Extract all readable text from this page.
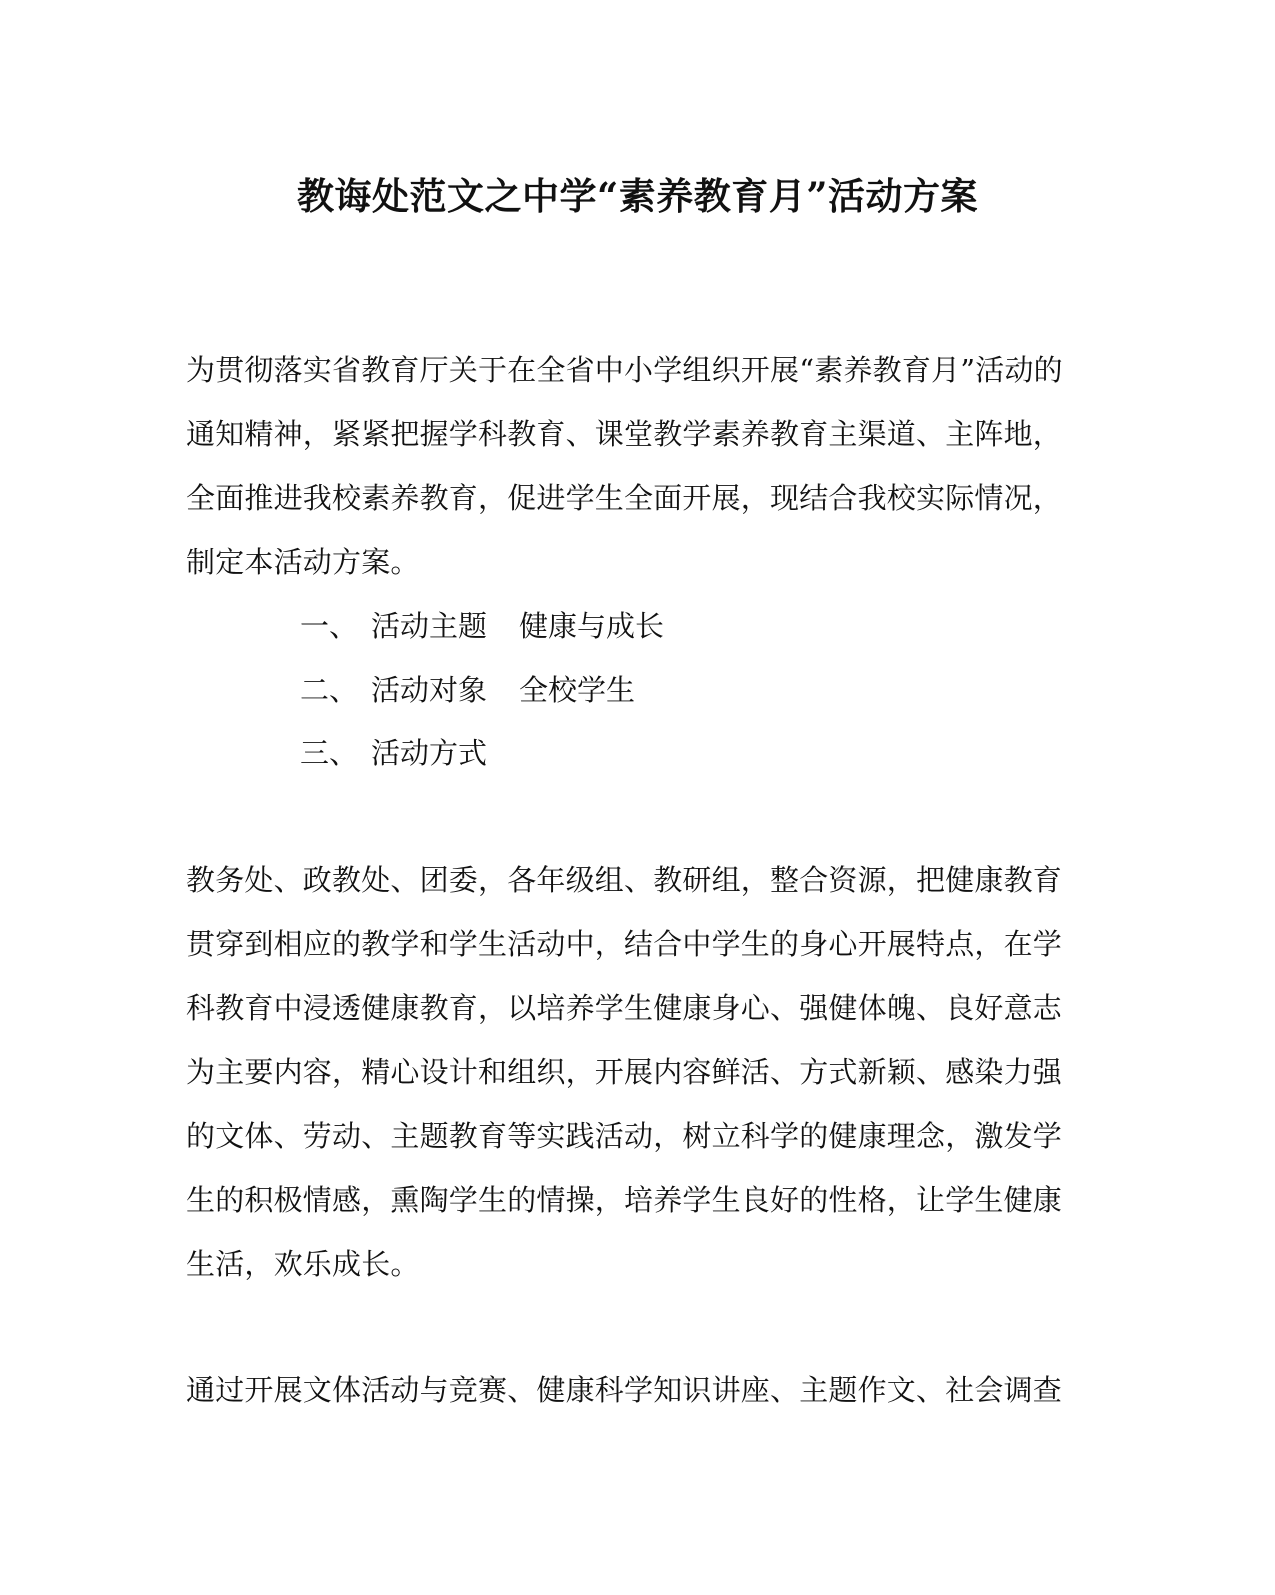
教诲处范文之中学“素养教育月”活动方案
为贯彻落实省教育厅关于在全省中小学组织开展“素养教育月”活动的
通知精神，紧紧把握学科教育、课堂教学素养教育主渠道、主阵地，
全面推进我校素养教育，促进学生全面开展，现结合我校实际情况，
制定本活动方案。
一、 活动主题 健康与成长
二、 活动对象 全校学生
三、 活动方式
教务处、政教处、团委，各年级组、教研组，整合资源，把健康教育
贯穿到相应的教学和学生活动中，结合中学生的身心开展特点，在学
科教育中浸透健康教育，以培养学生健康身心、强健体魄、良好意志
为主要内容，精心设计和组织，开展内容鲜活、方式新颖、感染力强
的文体、劳动、主题教育等实践活动，树立科学的健康理念，激发学
生的积极情感，熏陶学生的情操，培养学生良好的性格，让学生健康
生活，欢乐成长。
通过开展文体活动与竞赛、健康科学知识讲座、主题作文、社会调查
